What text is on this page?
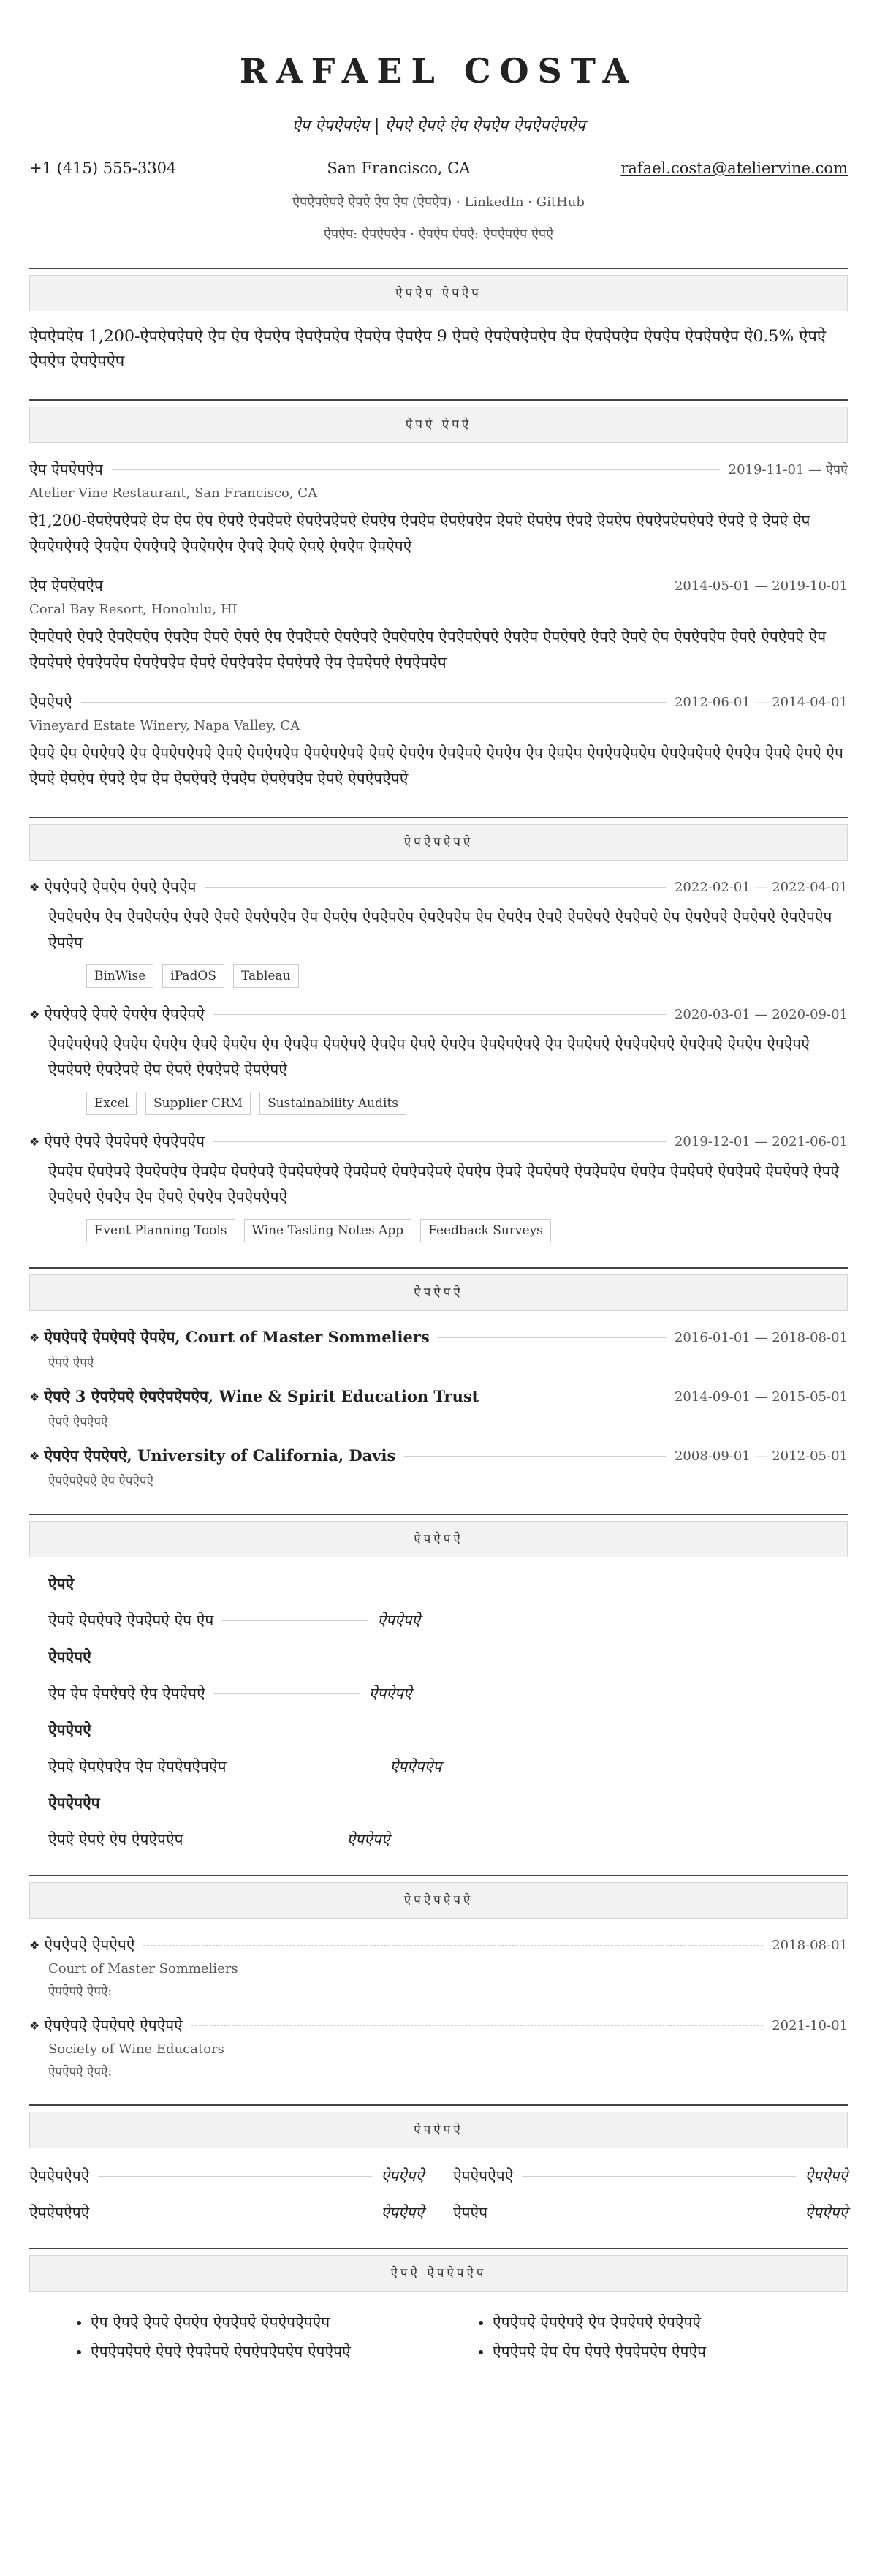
RAFAEL COSTA
ऐप ऐपऐपऐप | ऐपऐ ऐपऐ ऐप ऐपऐप ऐपऐपऐपऐप
+1 (415) 555-3304	San Francisco, CA	rafael.costa@ateliervine.com
ऐपऐपऐपऐ ऐपऐ ऐप ऐप (ऐपऐप) · LinkedIn · GitHub
ऐपऐप: ऐपऐपऐप · ऐपऐप ऐपऐ: ऐपऐपऐप ऐपऐ
ऐपऐप ऐपऐप
ऐपऐपऐप 1,200-ऐपऐपऐपऐ ऐप ऐप ऐपऐप ऐपऐपऐप ऐपऐप ऐपऐप 9 ऐपऐ ऐपऐपऐपऐप ऐप ऐपऐपऐप ऐपऐप ऐपऐपऐप ऐ0.5% ऐपऐ ऐपऐप ऐपऐपऐप
ऐपऐ ऐपऐ
ऐप ऐपऐपऐप	2019-11-01 — ऐपऐ
Atelier Vine Restaurant, San Francisco, CA
ऐ1,200-ऐपऐपऐपऐ ऐप ऐप ऐप ऐपऐ ऐपऐपऐ ऐपऐपऐपऐ ऐपऐप ऐपऐप ऐपऐपऐप ऐपऐ ऐपऐप ऐपऐ ऐपऐप ऐपऐपऐपऐपऐ ऐपऐ ऐ ऐपऐ ऐप ऐपऐपऐपऐ ऐपऐप ऐपऐपऐ ऐपऐपऐप ऐपऐ ऐपऐ ऐपऐ ऐपऐप ऐपऐपऐ
ऐप ऐपऐपऐप	2014-05-01 — 2019-10-01
Coral Bay Resort, Honolulu, HI
ऐपऐपऐ ऐपऐ ऐपऐपऐप ऐपऐप ऐपऐ ऐपऐ ऐप ऐपऐपऐ ऐपऐपऐ ऐपऐपऐप ऐपऐपऐपऐ ऐपऐप ऐपऐपऐ ऐपऐ ऐपऐ ऐप ऐपऐपऐप ऐपऐ ऐपऐपऐ ऐप ऐपऐपऐ ऐपऐपऐप ऐपऐपऐप ऐपऐ ऐपऐपऐप ऐपऐपऐ ऐप ऐपऐपऐ ऐपऐपऐप
ऐपऐपऐ	2012-06-01 — 2014-04-01
Vineyard Estate Winery, Napa Valley, CA
ऐपऐ ऐप ऐपऐपऐ ऐप ऐपऐपऐपऐ ऐपऐ ऐपऐपऐप ऐपऐपऐपऐ ऐपऐ ऐपऐप ऐपऐपऐ ऐपऐप ऐप ऐपऐप ऐपऐपऐपऐप ऐपऐपऐपऐ ऐपऐप ऐपऐ ऐपऐ ऐप ऐपऐ ऐपऐप ऐपऐ ऐप ऐप ऐपऐपऐ ऐपऐप ऐपऐपऐप ऐपऐ ऐपऐपऐपऐ
ऐपऐपऐपऐ
❖ ऐपऐपऐ ऐपऐप ऐपऐ ऐपऐप	2022-02-01 — 2022-04-01
ऐपऐपऐप ऐप ऐपऐपऐप ऐपऐ ऐपऐ ऐपऐपऐप ऐप ऐपऐप ऐपऐपऐप ऐपऐपऐप ऐप ऐपऐप ऐपऐ ऐपऐपऐ ऐपऐपऐ ऐप ऐपऐपऐ ऐपऐपऐ ऐपऐपऐप ऐपऐप
BinWise	iPadOS	Tableau
❖ ऐपऐपऐ ऐपऐ ऐपऐप ऐपऐपऐ	2020-03-01 — 2020-09-01
ऐपऐपऐपऐ ऐपऐप ऐपऐप ऐपऐ ऐपऐप ऐप ऐपऐप ऐपऐपऐ ऐपऐप ऐपऐ ऐपऐप ऐपऐपऐपऐ ऐप ऐपऐपऐ ऐपऐपऐपऐ ऐपऐपऐ ऐपऐप ऐपऐपऐ ऐपऐपऐ ऐपऐपऐ ऐप ऐपऐ ऐपऐपऐ ऐपऐपऐ
Excel	Supplier CRM	Sustainability Audits
❖ ऐपऐ ऐपऐ ऐपऐपऐ ऐपऐपऐप	2019-12-01 — 2021-06-01
ऐपऐप ऐपऐपऐ ऐपऐपऐप ऐपऐप ऐपऐपऐ ऐपऐपऐपऐ ऐपऐपऐ ऐपऐपऐपऐ ऐपऐप ऐपऐ ऐपऐपऐ ऐपऐपऐप ऐपऐप ऐपऐपऐ ऐपऐपऐ ऐपऐपऐ ऐपऐ ऐपऐपऐ ऐपऐप ऐप ऐपऐ ऐपऐप ऐपऐपऐपऐ
Event Planning Tools	Wine Tasting Notes App	Feedback Surveys
ऐपऐपऐ
❖ ऐपऐपऐ ऐपऐपऐ ऐपऐप, Court of Master Sommeliers	2016-01-01 — 2018-08-01
ऐपऐ ऐपऐ
❖ ऐपऐ 3 ऐपऐपऐ ऐपऐपऐपऐप, Wine & Spirit Education Trust	2014-09-01 — 2015-05-01
ऐपऐ ऐपऐपऐ
❖ ऐपऐप ऐपऐपऐ, University of California, Davis	2008-09-01 — 2012-05-01
ऐपऐपऐपऐ ऐप ऐपऐपऐ
ऐपऐपऐ
ऐपऐ
ऐपऐ ऐपऐपऐ ऐपऐपऐ ऐप ऐप	ऐपऐपऐ
ऐपऐपऐ
ऐप ऐप ऐपऐपऐ ऐप ऐपऐपऐ	ऐपऐपऐ
ऐपऐपऐ
ऐपऐ ऐपऐपऐप ऐप ऐपऐपऐपऐप	ऐपऐपऐप
ऐपऐपऐप
ऐपऐ ऐपऐ ऐप ऐपऐपऐप	ऐपऐपऐ
ऐपऐपऐपऐ
❖ ऐपऐपऐ ऐपऐपऐ	2018-08-01
Court of Master Sommeliers
ऐपऐपऐ ऐपऐ:
❖ ऐपऐपऐ ऐपऐपऐ ऐपऐपऐ	2021-10-01
Society of Wine Educators
ऐपऐपऐ ऐपऐ:
ऐपऐपऐ
ऐपऐपऐपऐ	ऐपऐपऐ ऐपऐपऐपऐ	ऐपऐपऐ
ऐपऐपऐपऐ	ऐपऐपऐ ऐपऐप	ऐपऐपऐ
ऐपऐ ऐपऐपऐप
• ऐप ऐपऐ ऐपऐ ऐपऐप ऐपऐपऐ ऐपऐपऐपऐप
• ऐपऐपऐपऐ ऐपऐ ऐपऐपऐ ऐपऐपऐपऐप ऐपऐपऐ
• ऐपऐपऐ ऐपऐपऐ ऐप ऐपऐपऐ ऐपऐपऐ
• ऐपऐपऐ ऐप ऐप ऐपऐ ऐपऐपऐप ऐपऐप
